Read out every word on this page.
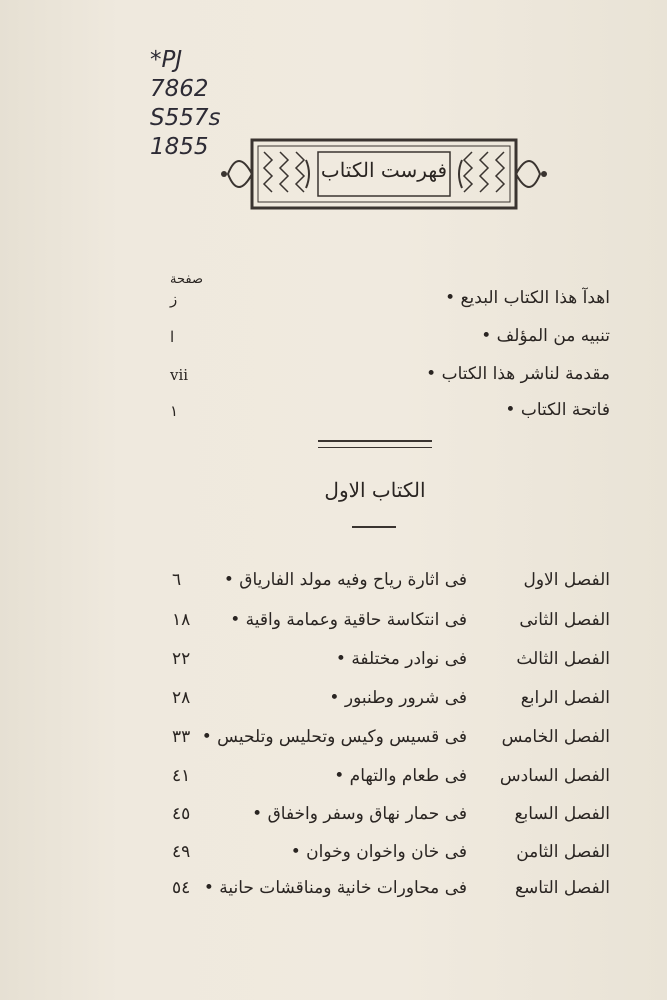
*PJ
7862
S557s
1855
فهرست الكتاب
صفحة
اهدآ هذا الكتاب البديع •
ز
تنبيه من المؤلف •
ا
مقدمة لناشر هذا الكتاب •
vii
فاتحة الكتاب •
١
الكتاب الاول
الفصل الاول
فى اثارة رياح وفيه مولد الفارياق •
٦
الفصل الثانى
فى انتكاسة حاقية وعمامة واقية •
١٨
الفصل الثالث
فى نوادر مختلفة •
٢٢
الفصل الرابع
فى شرور وطنبور •
٢٨
الفصل الخامس
فى قسيس وكيس وتحليس وتلحيس •
٣٣
الفصل السادس
فى طعام والتهام •
٤١
الفصل السابع
فى حمار نهاق وسفر واخفاق •
٤٥
الفصل الثامن
فى خان واخوان وخوان •
٤٩
الفصل التاسع
فى محاورات خانية ومناقشات حانية •
٥٤
